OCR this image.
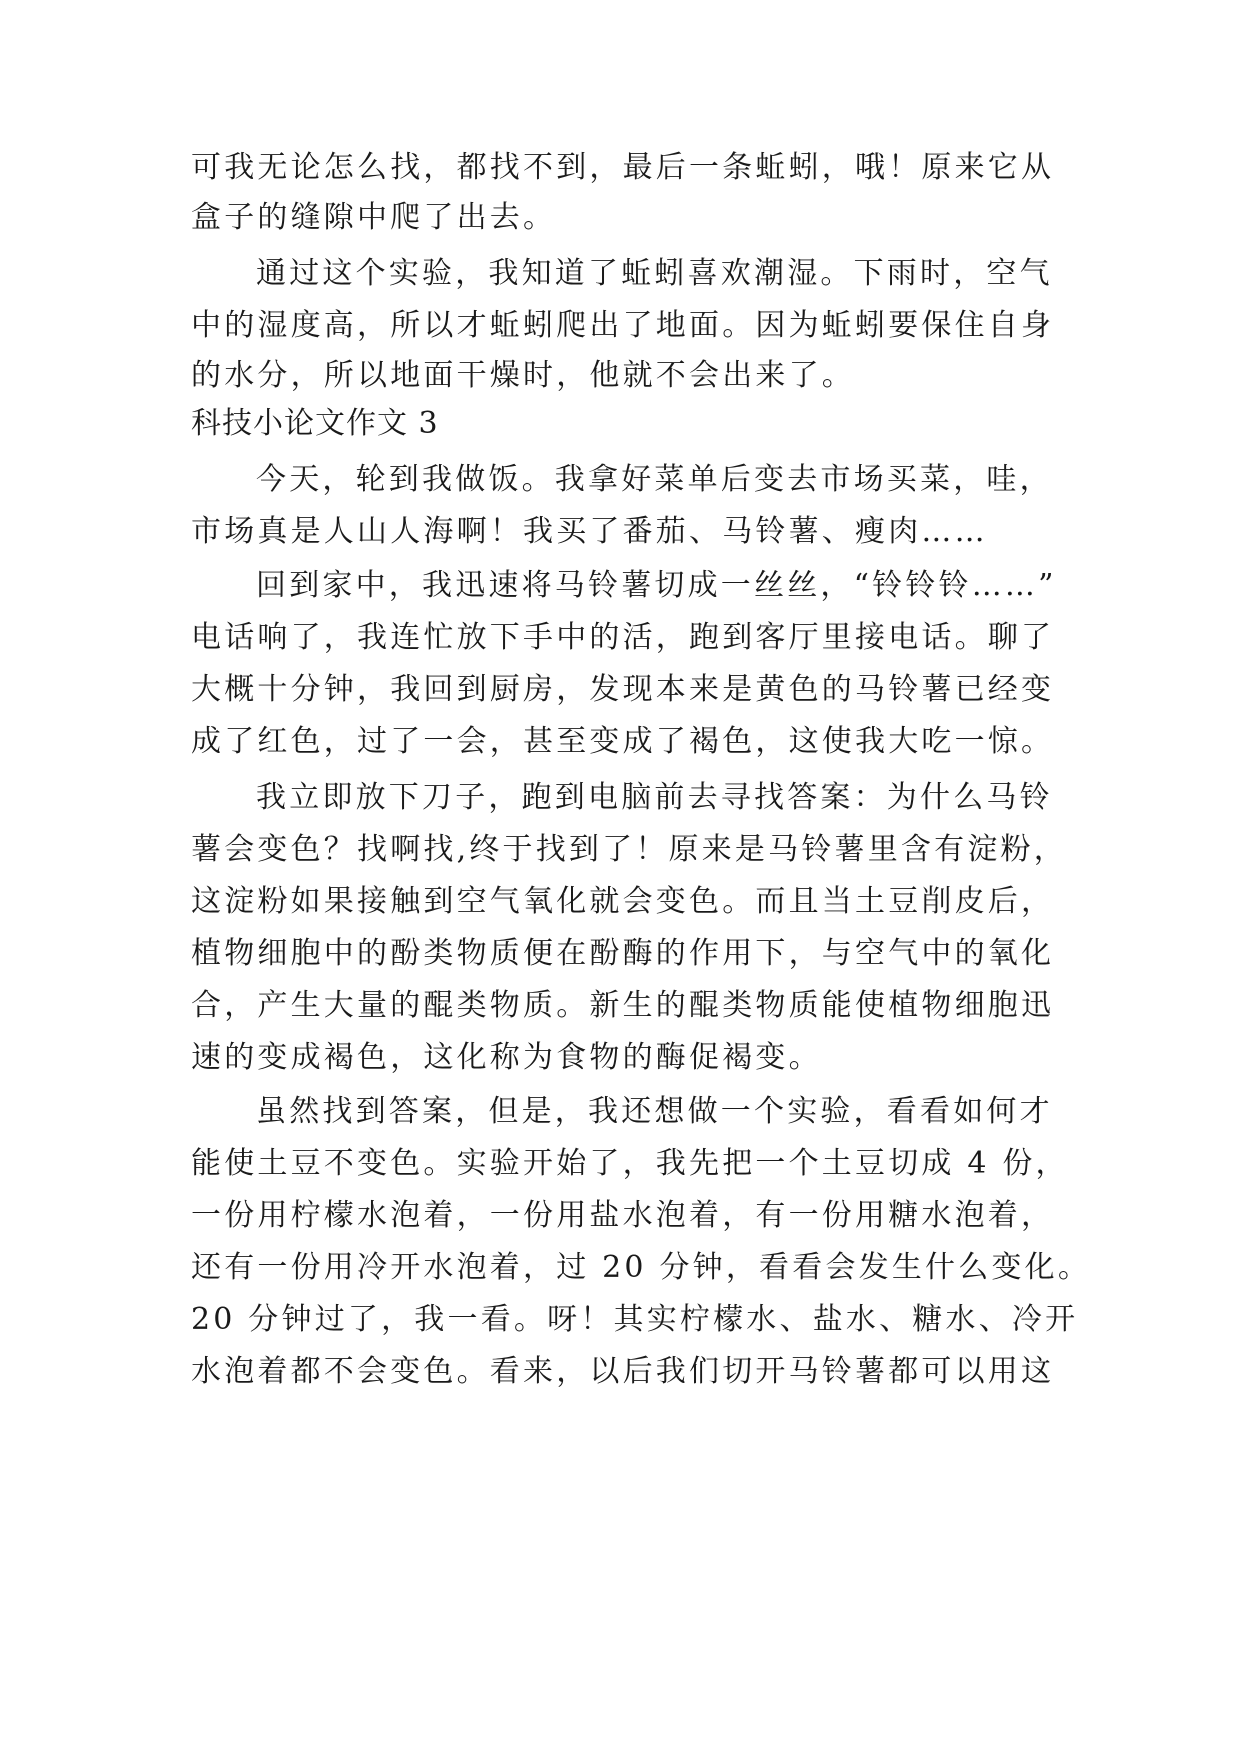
可我无论怎么找，都找不到，最后一条蚯蚓，哦！原来它从
盒子的缝隙中爬了出去。
通过这个实验，我知道了蚯蚓喜欢潮湿。下雨时，空气
中的湿度高，所以才蚯蚓爬出了地面。因为蚯蚓要保住自身
的水分，所以地面干燥时，他就不会出来了。
科技小论文作文 3
今天，轮到我做饭。我拿好菜单后变去市场买菜，哇，
市场真是人山人海啊！我买了番茄、马铃薯、瘦肉……
回到家中，我迅速将马铃薯切成一丝丝，“铃铃铃……”
电话响了，我连忙放下手中的活，跑到客厅里接电话。聊了
大概十分钟，我回到厨房，发现本来是黄色的马铃薯已经变
成了红色，过了一会，甚至变成了褐色，这使我大吃一惊。
我立即放下刀子，跑到电脑前去寻找答案：为什么马铃
薯会变色？找啊找,终于找到了！原来是马铃薯里含有淀粉，
这淀粉如果接触到空气氧化就会变色。而且当土豆削皮后，
植物细胞中的酚类物质便在酚酶的作用下，与空气中的氧化
合，产生大量的醌类物质。新生的醌类物质能使植物细胞迅
速的变成褐色，这化称为食物的酶促褐变。
虽然找到答案，但是，我还想做一个实验，看看如何才
能使土豆不变色。实验开始了，我先把一个土豆切成 4 份，
一份用柠檬水泡着，一份用盐水泡着，有一份用糖水泡着，
还有一份用冷开水泡着，过 20 分钟，看看会发生什么变化。
20 分钟过了，我一看。呀！其实柠檬水、盐水、糖水、冷开
水泡着都不会变色。看来，以后我们切开马铃薯都可以用这
